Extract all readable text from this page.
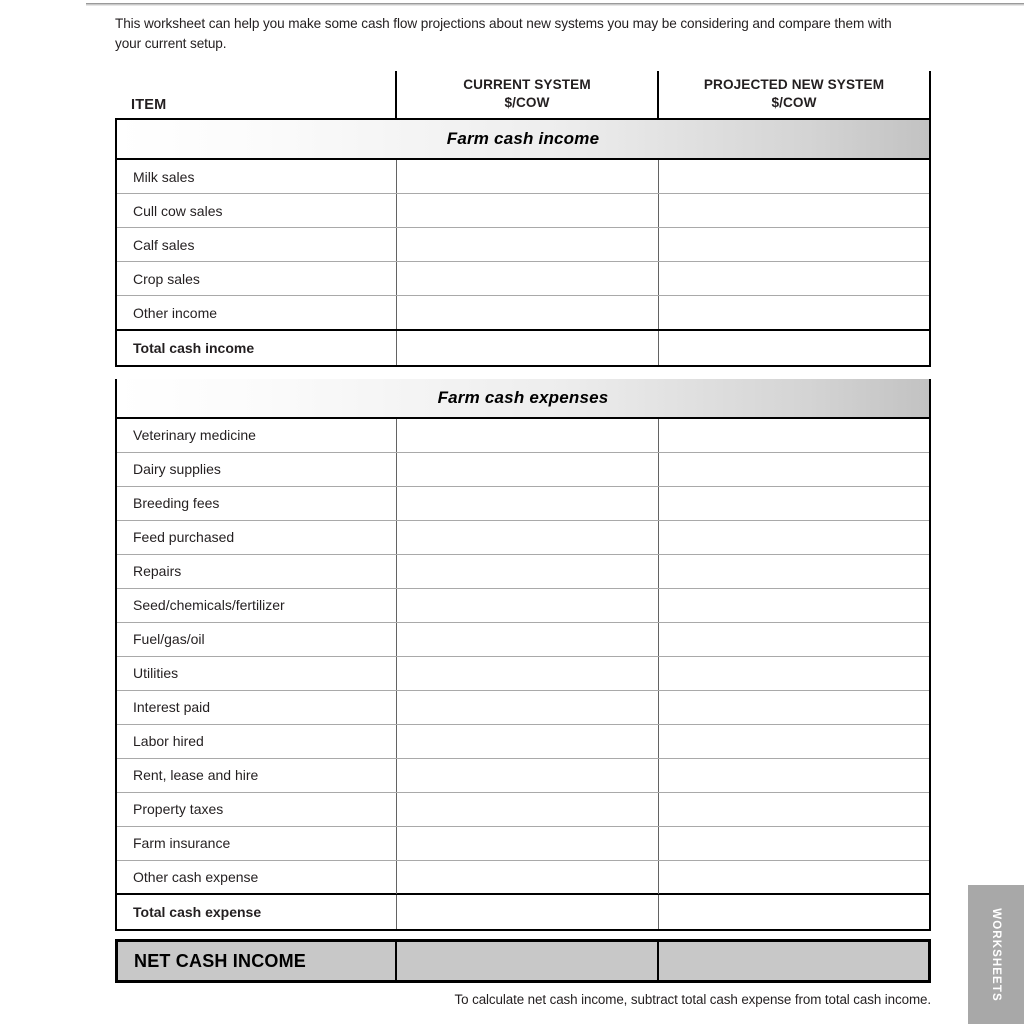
This worksheet can help you make some cash flow projections about new systems you may be considering and compare them with your current setup.

ITEM
CURRENT SYSTEM
$/COW
PROJECTED NEW SYSTEM
$/COW
Farm cash income
Milk sales
Cull cow sales
Calf sales
Crop sales
Other income
Total cash income
Farm cash expenses
Veterinary medicine
Dairy supplies
Breeding fees
Feed purchased
Repairs
Seed/chemicals/fertilizer
Fuel/gas/oil
Utilities
Interest paid
Labor hired
Rent, lease and hire
Property taxes
Farm insurance
Other cash expense
Total cash expense
NET CASH INCOME
To calculate net cash income, subtract total cash expense from total cash income.	WORKSHEETS
